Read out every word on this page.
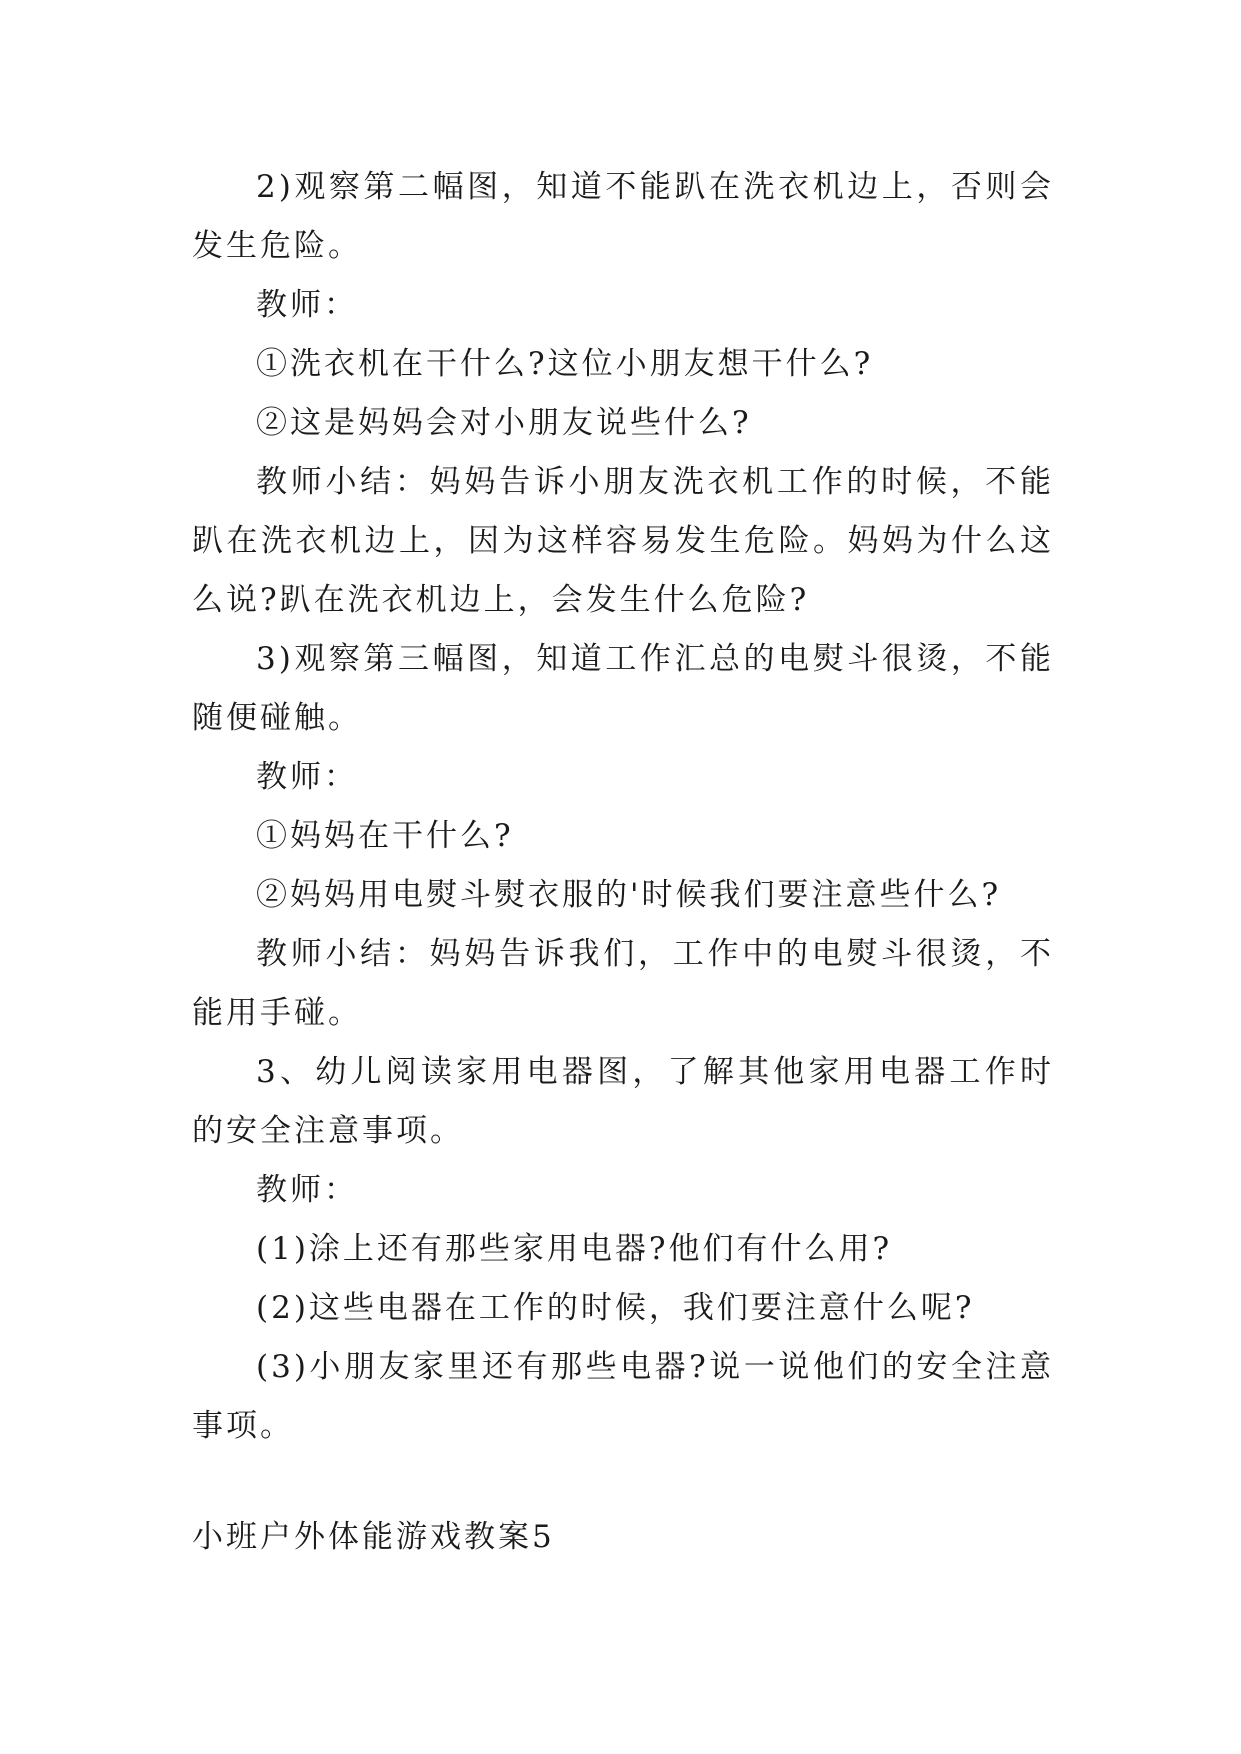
2)观察第二幅图，知道不能趴在洗衣机边上，否则会发生危险。

教师：

①洗衣机在干什么?这位小朋友想干什么?

②这是妈妈会对小朋友说些什么?

教师小结：妈妈告诉小朋友洗衣机工作的时候，不能趴在洗衣机边上，因为这样容易发生危险。妈妈为什么这么说?趴在洗衣机边上，会发生什么危险?

3)观察第三幅图，知道工作汇总的电熨斗很烫，不能随便碰触。

教师：

①妈妈在干什么?

②妈妈用电熨斗熨衣服的'时候我们要注意些什么?

教师小结：妈妈告诉我们，工作中的电熨斗很烫，不能用手碰。

3、幼儿阅读家用电器图，了解其他家用电器工作时的安全注意事项。

教师：

(1)涂上还有那些家用电器?他们有什么用?

(2)这些电器在工作的时候，我们要注意什么呢?

(3)小朋友家里还有那些电器?说一说他们的安全注意事项。

小班户外体能游戏教案5
